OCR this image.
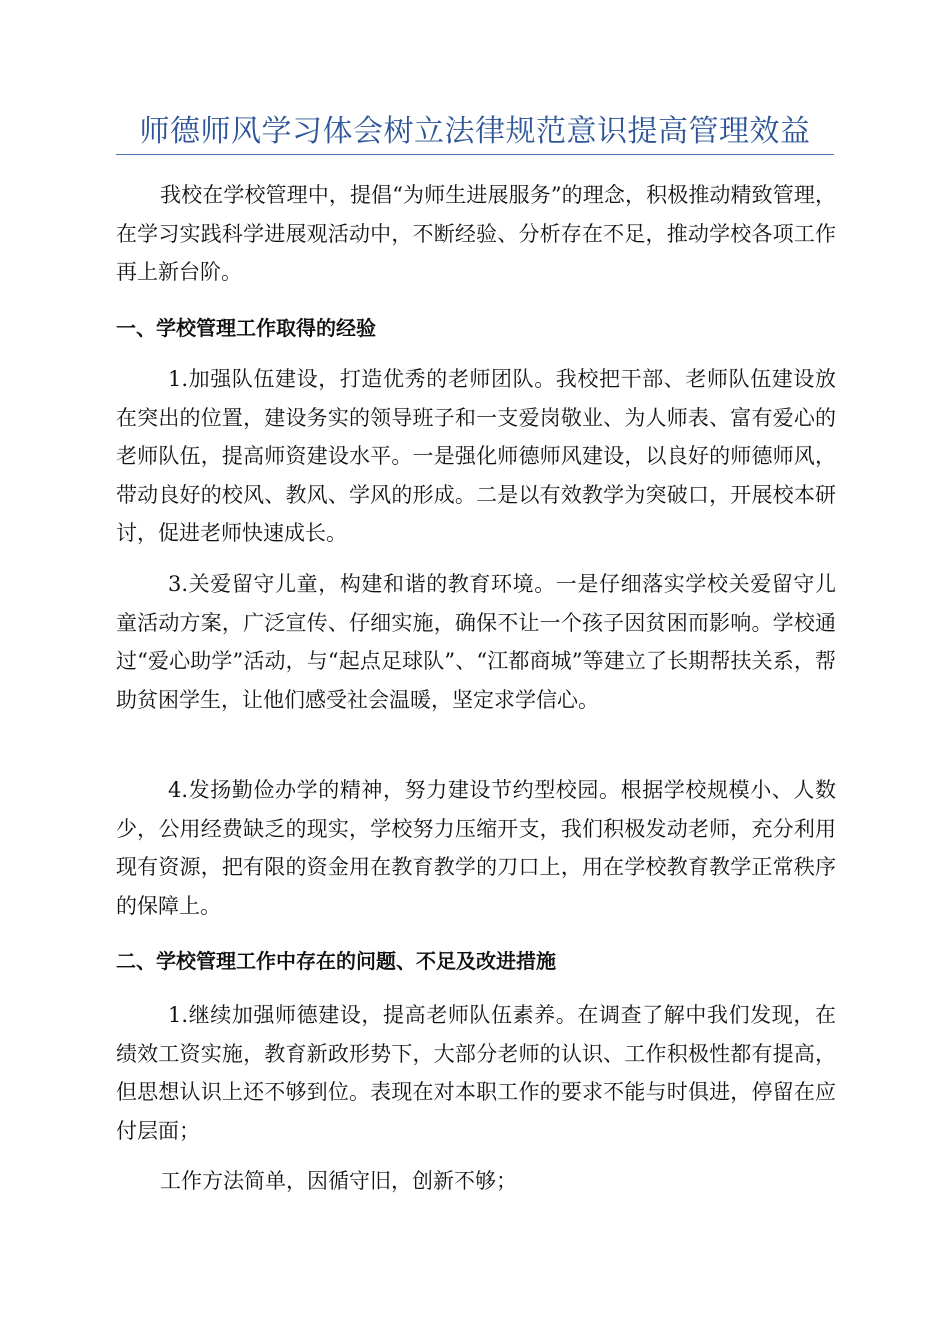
师德师风学习体会树立法律规范意识提高管理效益

我校在学校管理中，提倡“为师生进展服务”的理念，积极推动精致管理，在学习实践科学进展观活动中，不断经验、分析存在不足，推动学校各项工作再上新台阶。

一、学校管理工作取得的经验

1.加强队伍建设，打造优秀的老师团队。我校把干部、老师队伍建设放在突出的位置，建设务实的领导班子和一支爱岗敬业、为人师表、富有爱心的老师队伍，提高师资建设水平。一是强化师德师风建设，以良好的师德师风，带动良好的校风、教风、学风的形成。二是以有效教学为突破口，开展校本研讨，促进老师快速成长。

3.关爱留守儿童，构建和谐的教育环境。一是仔细落实学校关爱留守儿童活动方案，广泛宣传、仔细实施，确保不让一个孩子因贫困而影响。学校通过“爱心助学”活动，与“起点足球队”、“江都商城”等建立了长期帮扶关系，帮助贫困学生，让他们感受社会温暖，坚定求学信心。

4.发扬勤俭办学的精神，努力建设节约型校园。根据学校规模小、人数少，公用经费缺乏的现实，学校努力压缩开支，我们积极发动老师，充分利用现有资源，把有限的资金用在教育教学的刀口上，用在学校教育教学正常秩序的保障上。

二、学校管理工作中存在的问题、不足及改进措施

1.继续加强师德建设，提高老师队伍素养。在调查了解中我们发现，在绩效工资实施，教育新政形势下，大部分老师的认识、工作积极性都有提高，但思想认识上还不够到位。表现在对本职工作的要求不能与时俱进，停留在应付层面；

工作方法简单，因循守旧，创新不够；
